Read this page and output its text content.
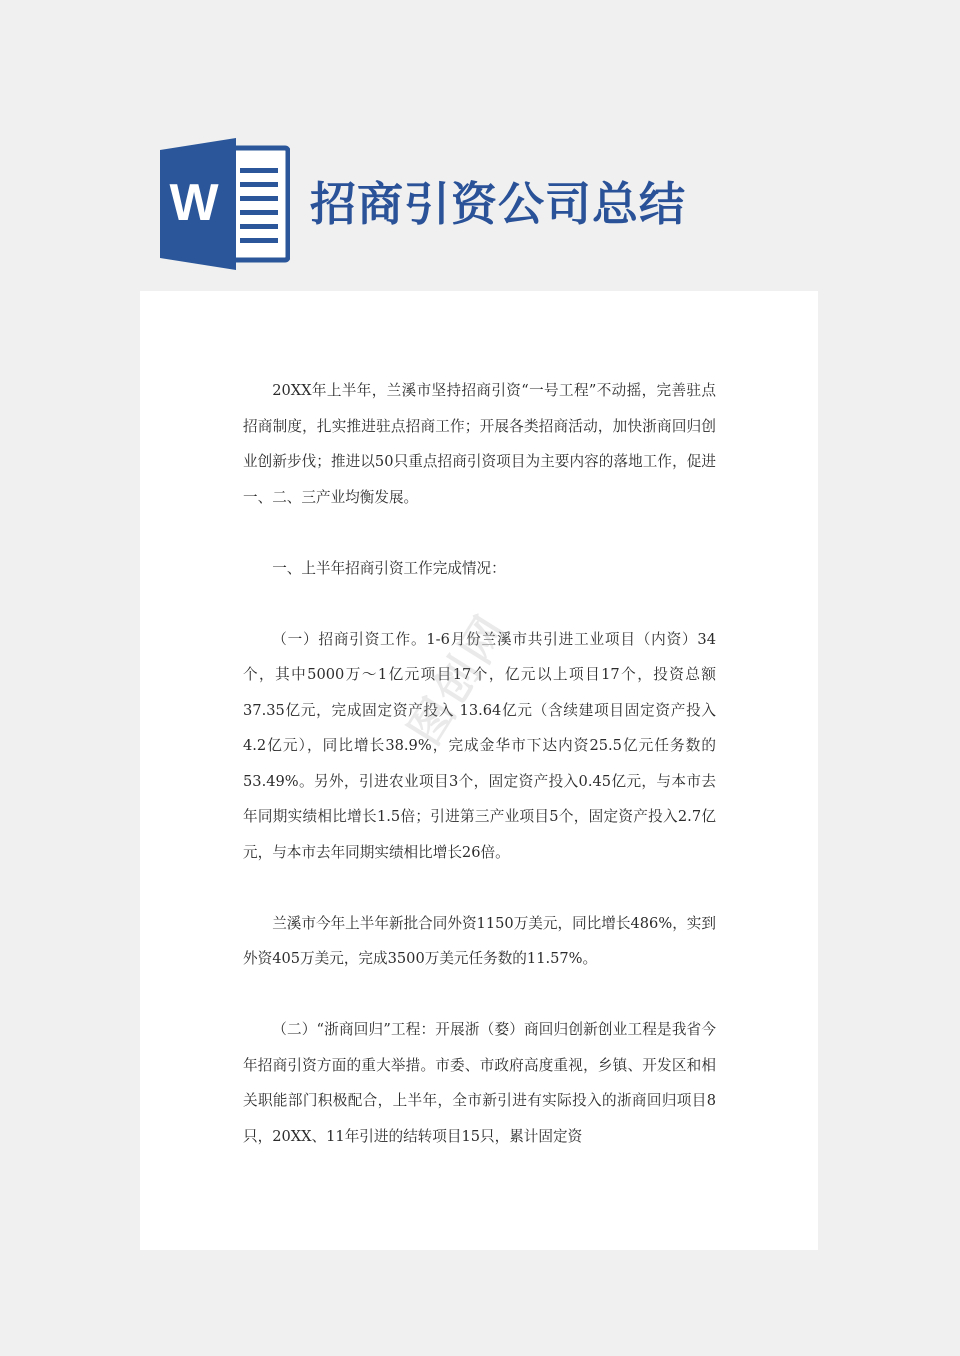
W 招商引资公司总结

20XX年上半年，兰溪市坚持招商引资“一号工程”不动摇，完善驻点招商制度，扎实推进驻点招商工作；开展各类招商活动，加快浙商回归创业创新步伐；推进以50只重点招商引资项目为主要内容的落地工作，促进一、二、三产业均衡发展。

一、上半年招商引资工作完成情况：

（一）招商引资工作。1-6月份兰溪市共引进工业项目（内资）34个，其中5000万～1亿元项目17个，亿元以上项目17个，投资总额37.35亿元，完成固定资产投入 13.64亿元（含续建项目固定资产投入4.2亿元），同比增长38.9%，完成金华市下达内资25.5亿元任务数的53.49%。另外，引进农业项目3个，固定资产投入0.45亿元，与本市去年同期实绩相比增长1.5倍；引进第三产业项目5个，固定资产投入2.7亿元，与本市去年同期实绩相比增长26倍。

兰溪市今年上半年新批合同外资1150万美元，同比增长486%，实到外资405万美元，完成3500万美元任务数的11.57%。

（二）“浙商回归”工程：开展浙（婺）商回归创新创业工程是我省今年招商引资方面的重大举措。市委、市政府高度重视，乡镇、开发区和相关职能部门积极配合，上半年，全市新引进有实际投入的浙商回归项目8只，20XX、11年引进的结转项目15只，累计固定资

图创网
